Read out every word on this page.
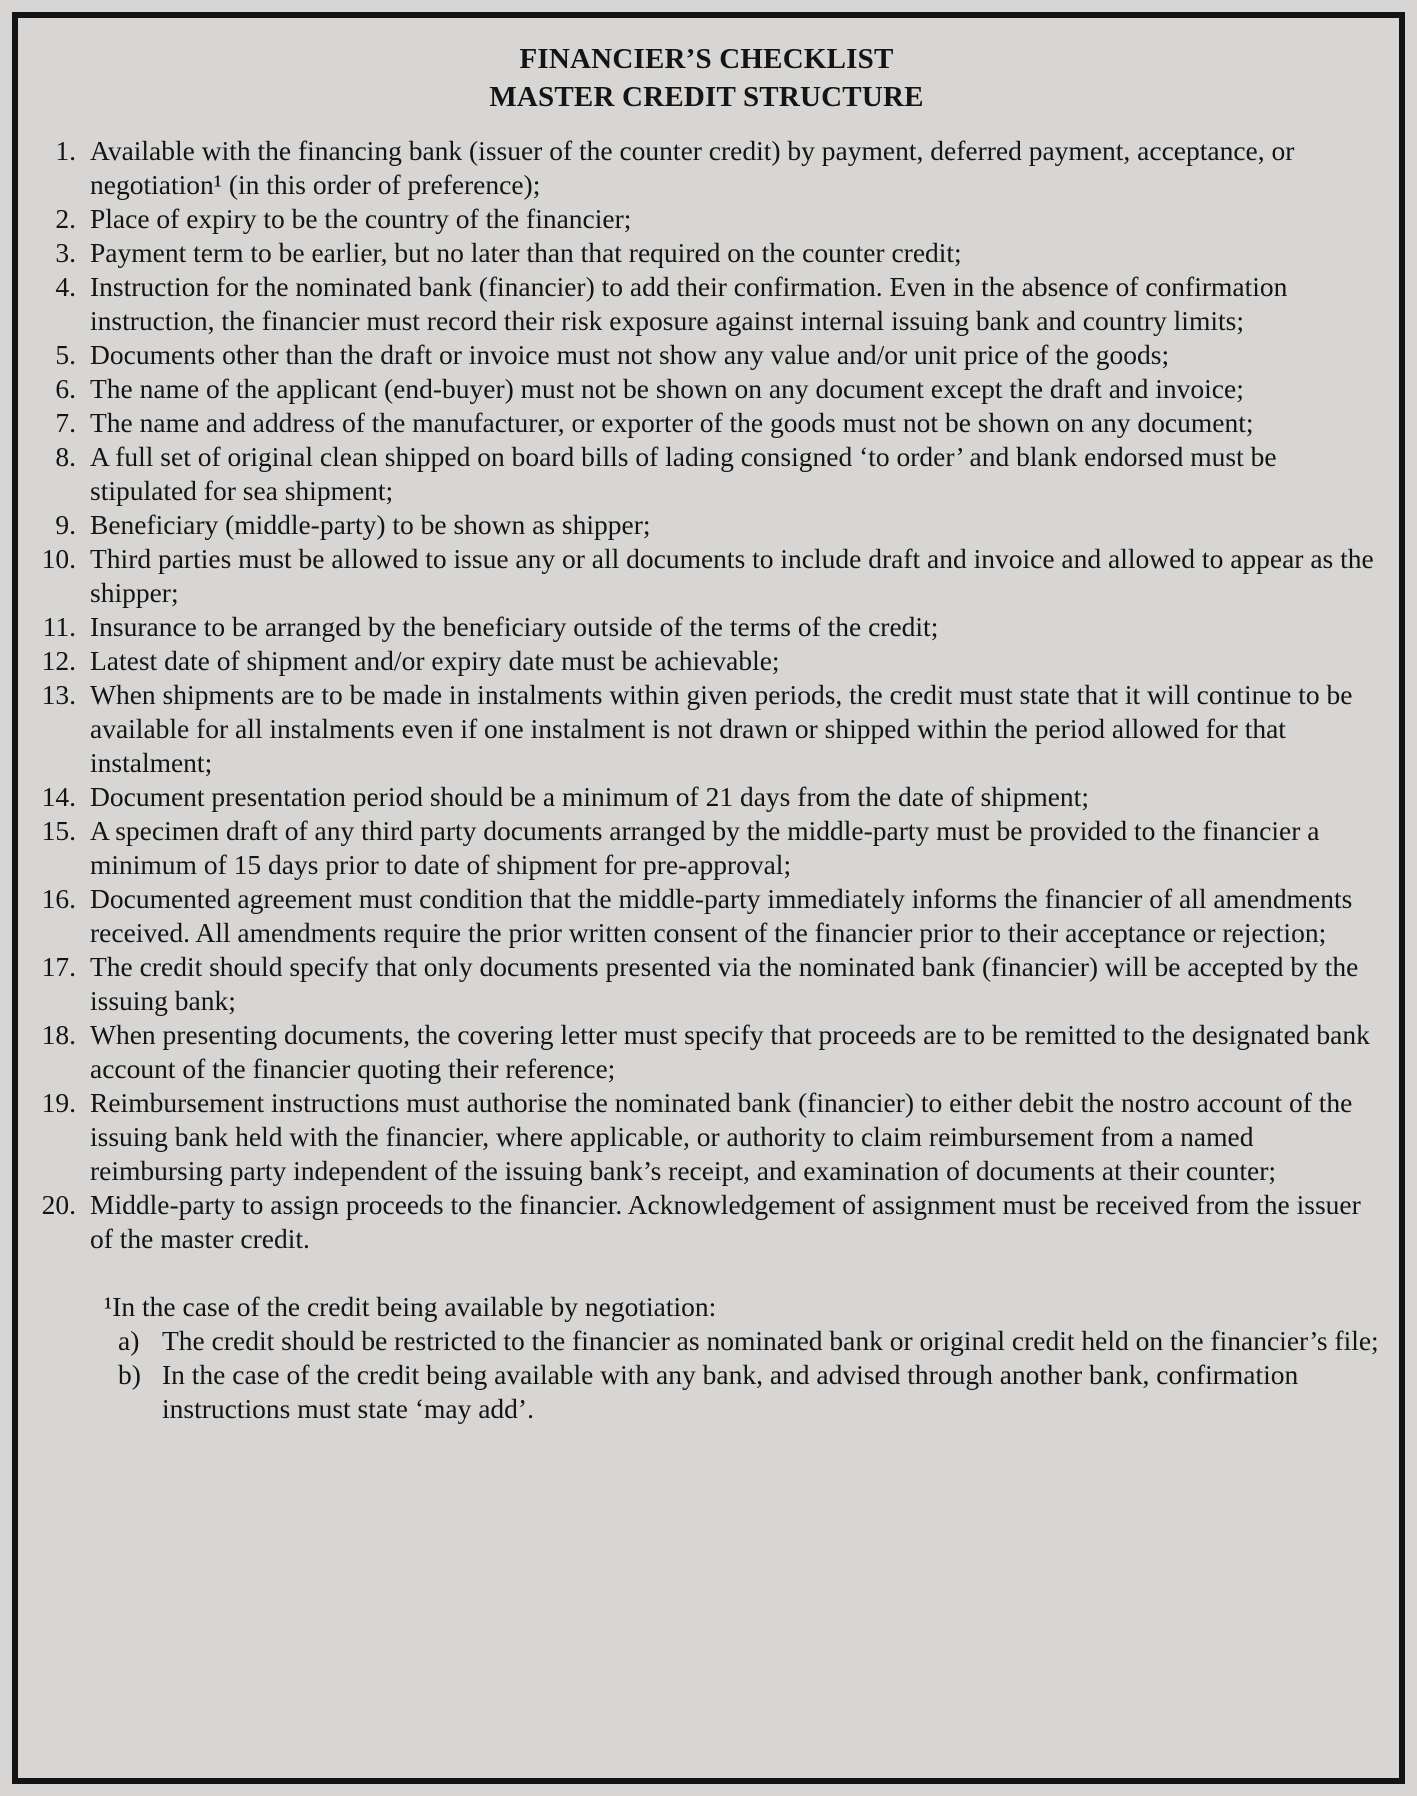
FINANCIER’S CHECKLIST
MASTER CREDIT STRUCTURE
1. Available with the financing bank (issuer of the counter credit) by payment, deferred payment, acceptance, or negotiation¹ (in this order of preference);
2. Place of expiry to be the country of the financier;
3. Payment term to be earlier, but no later than that required on the counter credit;
4. Instruction for the nominated bank (financier) to add their confirmation. Even in the absence of confirmation instruction, the financier must record their risk exposure against internal issuing bank and country limits;
5. Documents other than the draft or invoice must not show any value and/or unit price of the goods;
6. The name of the applicant (end-buyer) must not be shown on any document except the draft and invoice;
7. The name and address of the manufacturer, or exporter of the goods must not be shown on any document;
8. A full set of original clean shipped on board bills of lading consigned ‘to order’ and blank endorsed must be stipulated for sea shipment;
9. Beneficiary (middle-party) to be shown as shipper;
10. Third parties must be allowed to issue any or all documents to include draft and invoice and allowed to appear as the shipper;
11. Insurance to be arranged by the beneficiary outside of the terms of the credit;
12. Latest date of shipment and/or expiry date must be achievable;
13. When shipments are to be made in instalments within given periods, the credit must state that it will continue to be available for all instalments even if one instalment is not drawn or shipped within the period allowed for that instalment;
14. Document presentation period should be a minimum of 21 days from the date of shipment;
15. A specimen draft of any third party documents arranged by the middle-party must be provided to the financier a minimum of 15 days prior to date of shipment for pre-approval;
16. Documented agreement must condition that the middle-party immediately informs the financier of all amendments received. All amendments require the prior written consent of the financier prior to their acceptance or rejection;
17. The credit should specify that only documents presented via the nominated bank (financier) will be accepted by the issuing bank;
18. When presenting documents, the covering letter must specify that proceeds are to be remitted to the designated bank account of the financier quoting their reference;
19. Reimbursement instructions must authorise the nominated bank (financier) to either debit the nostro account of the issuing bank held with the financier, where applicable, or authority to claim reimbursement from a named reimbursing party independent of the issuing bank’s receipt, and examination of documents at their counter;
20. Middle-party to assign proceeds to the financier. Acknowledgement of assignment must be received from the issuer of the master credit.
¹In the case of the credit being available by negotiation:
a) The credit should be restricted to the financier as nominated bank or original credit held on the financier’s file;
b) In the case of the credit being available with any bank, and advised through another bank, confirmation instructions must state ‘may add’.
